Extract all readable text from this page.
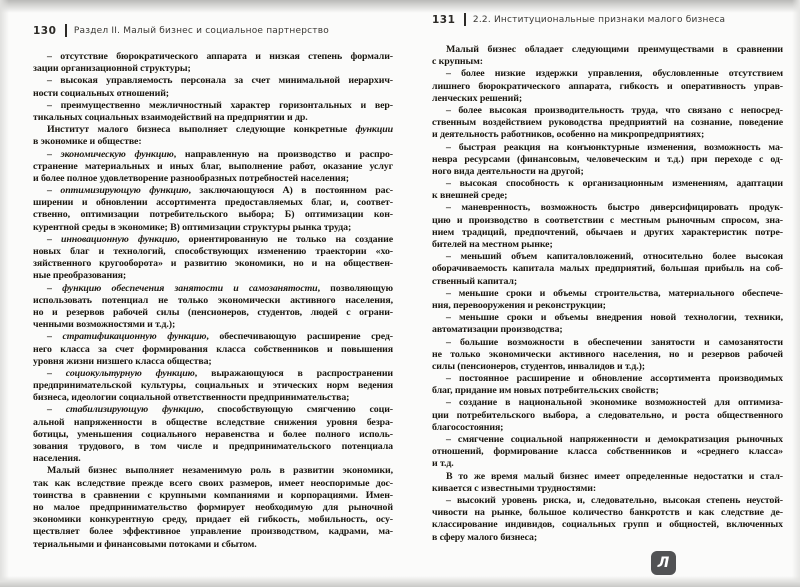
130 Раздел II. Малый бизнес и социальное партнерство
– отсутствие бюрократического аппарата и низкая степень формали-
зации организационной структуры;
– высокая управляемость персонала за счет минимальной иерархич-
ности социальных отношений;
– преимущественно межличностный характер горизонтальных и вер-
тикальных социальных взаимодействий на предприятии и др.
Институт малого бизнеса выполняет следующие конкретные функции
в экономике и обществе:
– экономическую функцию, направленную на производство и распро-
странение материальных и иных благ, выполнение работ, оказание услуг
и более полное удовлетворение разнообразных потребностей населения;
– оптимизирующую функцию, заключающуюся А) в постоянном рас-
ширении и обновлении ассортимента предоставляемых благ, и, соответ-
ственно, оптимизации потребительского выбора; Б) оптимизации кон-
курентной среды в экономике; В) оптимизации структуры рынка труда;
– инновационную функцию, ориентированную не только на создание
новых благ и технологий, способствующих изменению траектории «хо-
зяйственного кругооборота» и развитию экономики, но и на обществен-
ные преобразования;
– функцию обеспечения занятости и самозанятости, позволяющую
использовать потенциал не только экономически активного населения,
но и резервов рабочей силы (пенсионеров, студентов, людей с ограни-
ченными возможностями и т.д.);
– стратификационную функцию, обеспечивающую расширение сред-
него класса за счет формирования класса собственников и повышения
уровня жизни низшего класса общества;
– социокультурную функцию, выражающуюся в распространении
предпринимательской культуры, социальных и этических норм ведения
бизнеса, идеологии социальной ответственности предпринимательства;
– стабилизирующую функцию, способствующую смягчению соци-
альной напряженности в обществе вследствие снижения уровня безра-
ботицы, уменьшения социального неравенства и более полного исполь-
зования трудового, в том числе и предпринимательского потенциала
населения.
Малый бизнес выполняет незаменимую роль в развитии экономики,
так как вследствие прежде всего своих размеров, имеет неоспоримые дос-
тоинства в сравнении с крупными компаниями и корпорациями. Имен-
но малое предпринимательство формирует необходимую для рыночной
экономики конкурентную среду, придает ей гибкость, мобильность, осу-
ществляет более эффективное управление производством, кадрами, ма-
териальными и финансовыми потоками и сбытом.
131 2.2. Институциональные признаки малого бизнеса
Малый бизнес обладает следующими преимуществами в сравнении
с крупным:
– более низкие издержки управления, обусловленные отсутствием
лишнего бюрократического аппарата, гибкость и оперативность управ-
ленческих решений;
– более высокая производительность труда, что связано с непосред-
ственным воздействием руководства предприятий на сознание, поведение
и деятельность работников, особенно на микропредприятиях;
– быстрая реакция на конъюнктурные изменения, возможность ма-
невра ресурсами (финансовым, человеческим и т.д.) при переходе с од-
ного вида деятельности на другой;
– высокая способность к организационным изменениям, адаптации
к внешней среде;
– маневренность, возможность быстро диверсифицировать продук-
цию и производство в соответствии с местным рыночным спросом, зна-
нием традиций, предпочтений, обычаев и других характеристик потре-
бителей на местном рынке;
– меньший объем капиталовложений, относительно более высокая
оборачиваемость капитала малых предприятий, большая прибыль на соб-
ственный капитал;
– меньшие сроки и объемы строительства, материального обеспече-
ния, перевооружения и реконструкции;
– меньшие сроки и объемы внедрения новой технологии, техники,
автоматизации производства;
– большие возможности в обеспечении занятости и самозанятости
не только экономически активного населения, но и резервов рабочей
силы (пенсионеров, студентов, инвалидов и т.д.);
– постоянное расширение и обновление ассортимента производимых
благ, придание им новых потребительских свойств;
– создание в национальной экономике возможностей для оптимиза-
ции потребительского выбора, а следовательно, и роста общественного
благосостояния;
– смягчение социальной напряженности и демократизация рыночных
отношений, формирование класса собственников и «среднего класса»
и т.д.
В то же время малый бизнес имеет определенные недостатки и стал-
кивается с известными трудностями:
– высокий уровень риска, и, следовательно, высокая степень неустой-
чивости на рынке, большое количество банкротств и как следствие де-
классирование индивидов, социальных групп и общностей, включенных
в сферу малого бизнеса;
Л
